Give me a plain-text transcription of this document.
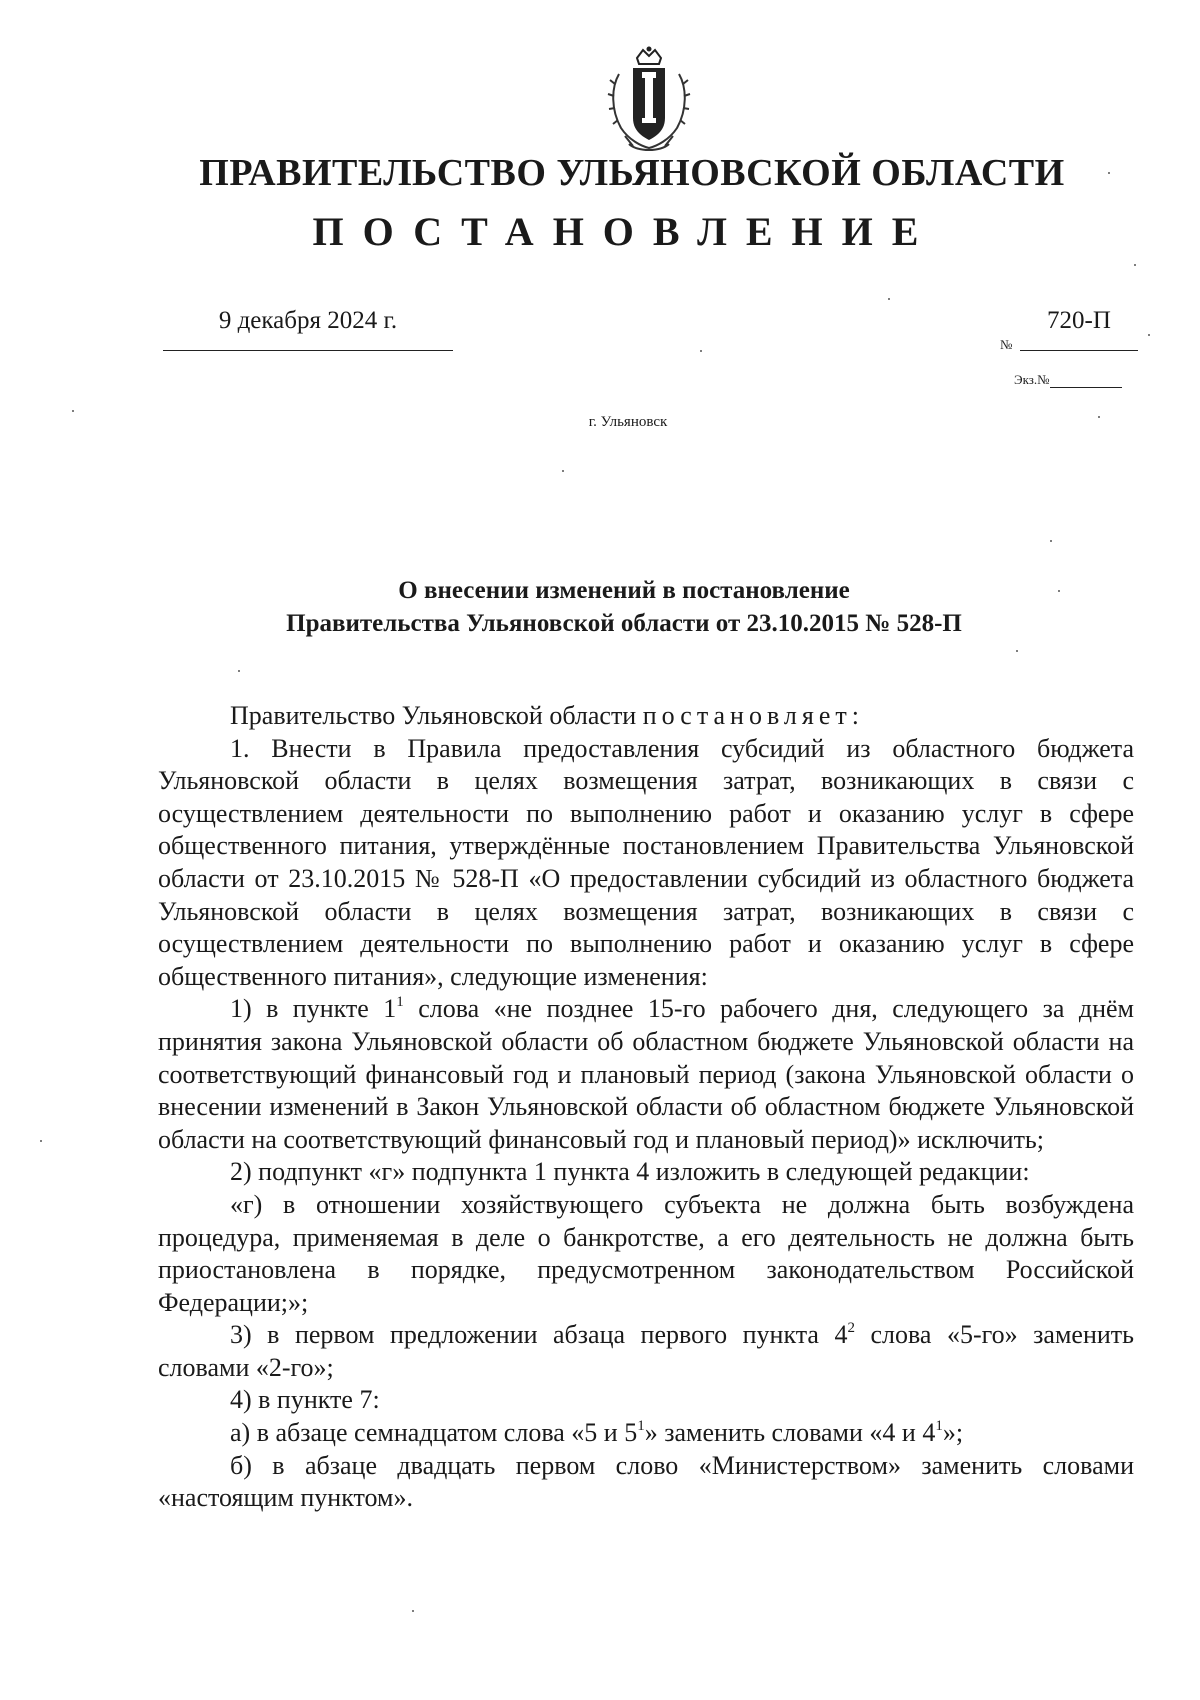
ПРАВИТЕЛЬСТВО УЛЬЯНОВСКОЙ ОБЛАСТИ
ПОСТАНОВЛЕНИЕ
9 декабря 2024 г.
№
720-П
Экз.№
г. Ульяновск
О внесении изменений в постановление
Правительства Ульяновской области от 23.10.2015 № 528-П

Правительство Ульяновской области постановляет:

1. Внести в Правила предоставления субсидий из областного бюджета Ульяновской области в целях возмещения затрат, возникающих в связи с осуществлением деятельности по выполнению работ и оказанию услуг в сфере общественного питания, утверждённые постановлением Правительства Ульяновской области от 23.10.2015 № 528-П «О предоставлении субсидий из областного бюджета Ульяновской области в целях возмещения затрат, возникающих в связи с осуществлением деятельности по выполнению работ и оказанию услуг в сфере общественного питания», следующие изменения:

1) в пункте $1^1$ слова «не позднее 15-го рабочего дня, следующего за днём принятия закона Ульяновской области об областном бюджете Ульяновской области на соответствующий финансовый год и плановый период (закона Ульяновской области о внесении изменений в Закон Ульяновской области об областном бюджете Ульяновской области на соответствующий финансовый год и плановый период)» исключить;

2) подпункт «г» подпункта 1 пункта 4 изложить в следующей редакции:

«г) в отношении хозяйствующего субъекта не должна быть возбуждена процедура, применяемая в деле о банкротстве, а его деятельность не должна быть приостановлена в порядке, предусмотренном законодательством Российской Федерации;»;

3) в первом предложении абзаца первого пункта $4^2$ слова «5-го» заменить словами «2-го»;

4) в пункте 7:

а) в абзаце семнадцатом слова «5 и $5^1$» заменить словами «4 и $4^1$»;

б) в абзаце двадцать первом слово «Министерством» заменить словами «настоящим пунктом».
